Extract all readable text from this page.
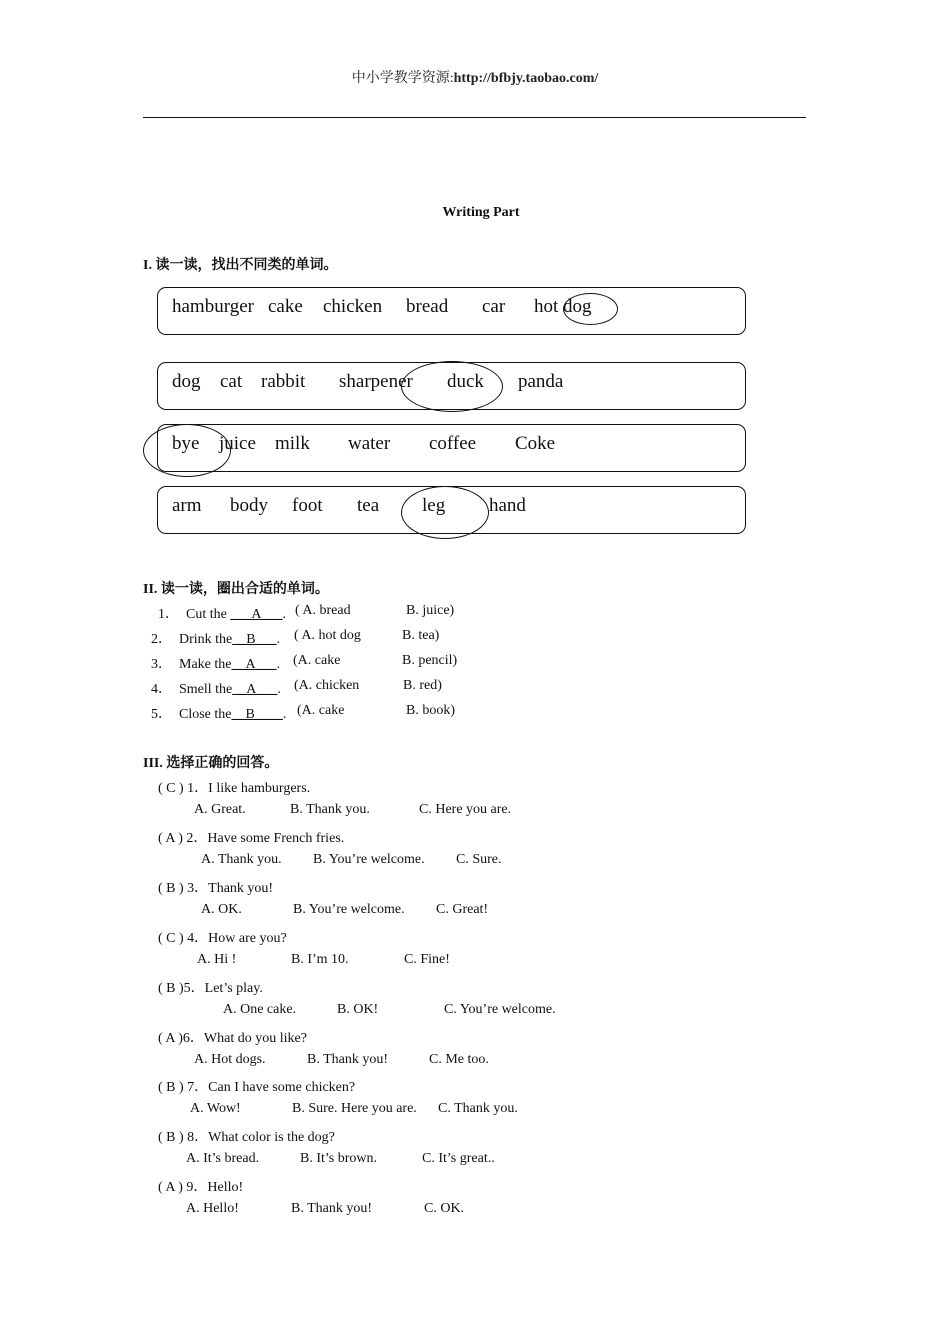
中小学教学资源:http://bfbjy.taobao.com/
Writing Part
I. 读一读，找出不同类的单词。
hamburger cake chicken bread car hot dog
dog cat rabbit sharpener duck panda
bye juice milk water coffee Coke
arm body foot tea leg hand
II. 读一读，圈出合适的单词。
1． Cut the ___A___. ( A. bread	B. juice)
2． Drink the__B___. ( A. hot dog	B. tea)
3． Make the__A___. (A. cake	B. pencil)
4． Smell the__A___. (A. chicken	B. red)
5． Close the__B____. (A. cake	B. book)
III. 选择正确的回答。
( C ) 1．I like hamburgers.
A. Great.	B. Thank you.	C. Here you are.
( A ) 2．Have some French fries.
A. Thank you. B. You’re welcome. C. Sure.
( B ) 3．Thank you!
A. OK.	B. You’re welcome. C. Great!
( C ) 4．How are you?
A. Hi !	B. I’m 10.	C. Fine!
( B )5．Let’s play.
A. One cake.	B. OK!	C. You’re welcome.
( A )6．What do you like?
A. Hot dogs.	B. Thank you!	C. Me too.
( B ) 7．Can I have some chicken?
A. Wow!	B. Sure. Here you are. C. Thank you.
( B ) 8．What color is the dog?
A. It’s bread.	B. It’s brown.	C. It’s great..
( A ) 9．Hello!
A. Hello!	B. Thank you!	C. OK.
